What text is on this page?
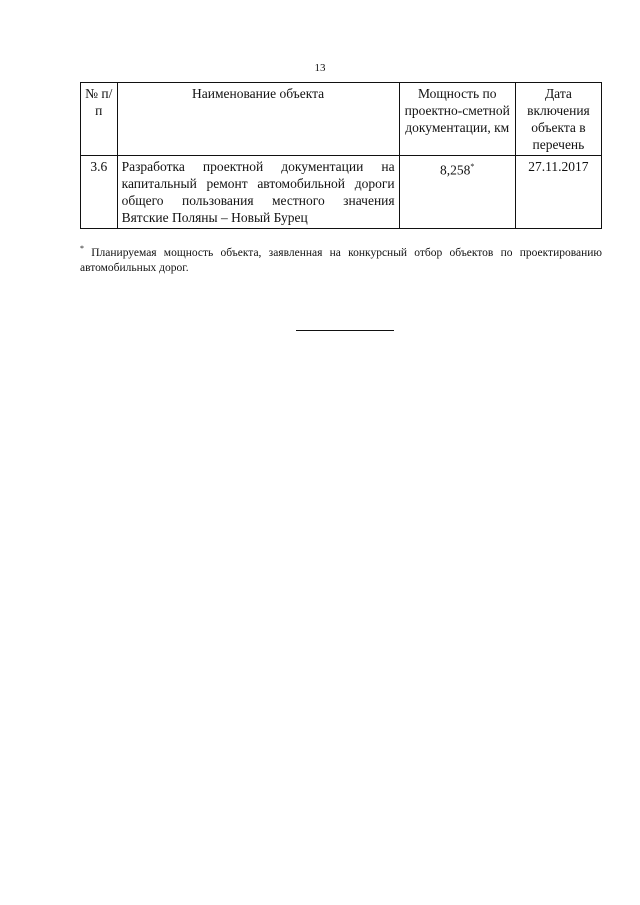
13
№ п/п	Наименование объекта	Мощность по проектно-сметной документации, км	Дата включения объекта в перечень
3.6	Разработка проектной документации на капитальный ремонт автомобильной дороги общего пользования местного значения Вятские Поляны – Новый Бурец	8,258*	27.11.2017
* Планируемая мощность объекта, заявленная на конкурсный отбор объектов по проектированию автомобильных дорог.
